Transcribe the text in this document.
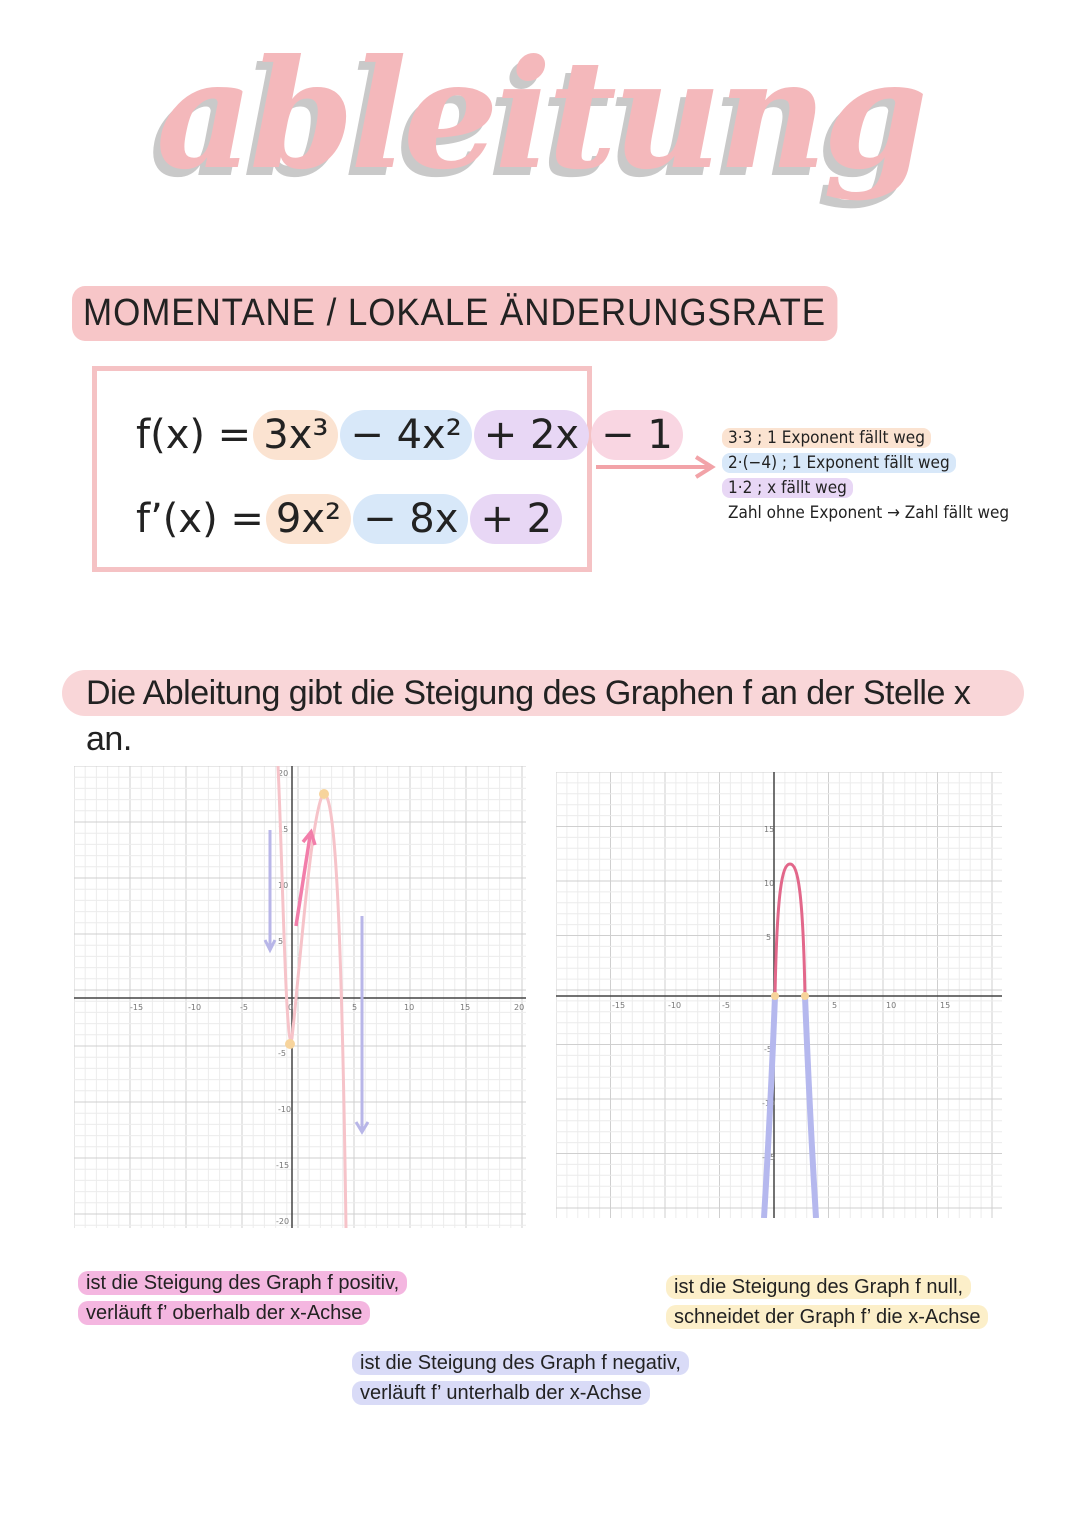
ableitung
MOMENTANE / LOKALE ÄNDERUNGSRATE
f(x) = 3x³ − 4x² + 2x − 1
f’(x) = 9x² − 8x + 2
3·3 ; 1 Exponent fällt weg
2·(−4) ; 1 Exponent fällt weg
1·2 ; x fällt weg
Zahl ohne Exponent → Zahl fällt weg
Die Ableitung gibt die Steigung des Graphen f an der Stelle x an.
-15	-10	-5	0	5	10	15	20
20
15
10
5
-5
-10
-15
-20
-15	-10	-5	5	10	15
15
10
5
-5
-10
-15
ist die Steigung des Graph f positiv,
verläuft f’ oberhalb der x-Achse
ist die Steigung des Graph f null,
schneidet der Graph f’ die x-Achse
ist die Steigung des Graph f negativ,
verläuft f’ unterhalb der x-Achse
